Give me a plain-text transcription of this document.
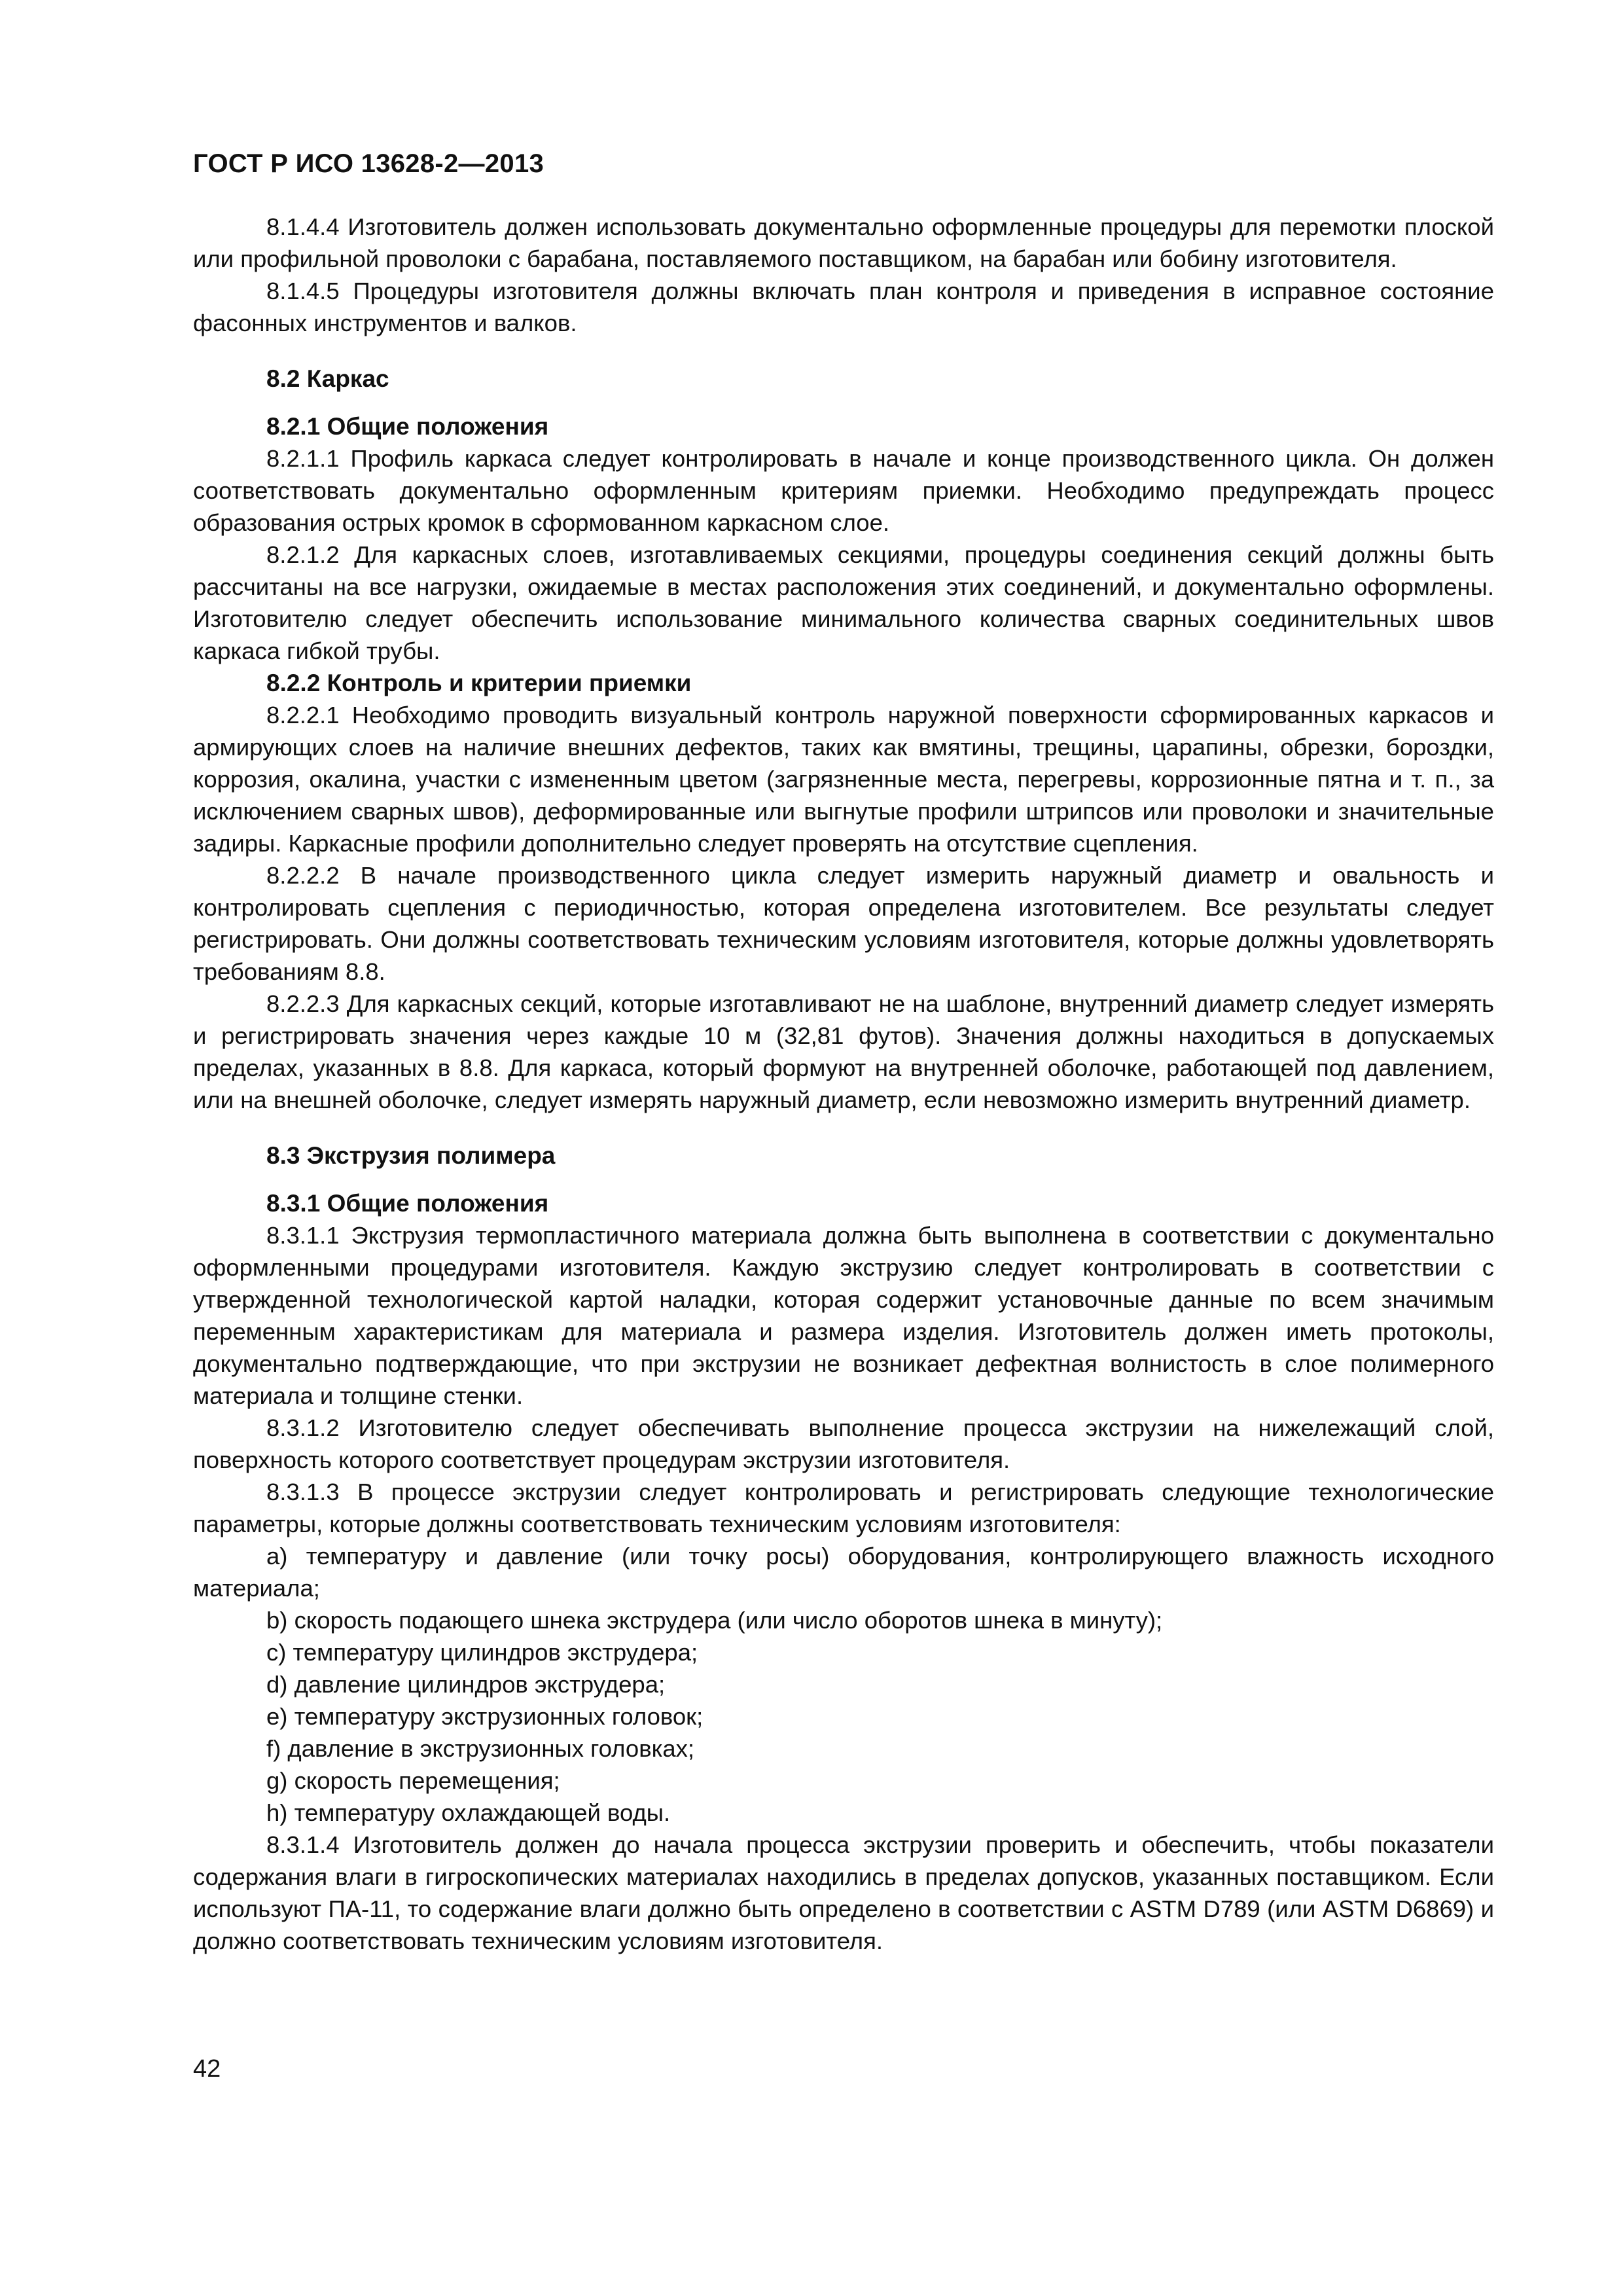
ГОСТ Р ИСО 13628-2—2013

8.1.4.4 Изготовитель должен использовать документально оформленные процедуры для перемотки плоской или профильной проволоки с барабана, поставляемого поставщиком, на барабан или бобину изготовителя.

8.1.4.5 Процедуры изготовителя должны включать план контроля и приведения в исправное состояние фасонных инструментов и валков.

8.2 Каркас
8.2.1 Общие положения

8.2.1.1 Профиль каркаса следует контролировать в начале и конце производственного цикла. Он должен соответствовать документально оформленным критериям приемки. Необходимо предупреждать процесс образования острых кромок в сформованном каркасном слое.

8.2.1.2 Для каркасных слоев, изготавливаемых секциями, процедуры соединения секций должны быть рассчитаны на все нагрузки, ожидаемые в местах расположения этих соединений, и документально оформлены. Изготовителю следует обеспечить использование минимального количества сварных соединительных швов каркаса гибкой трубы.

8.2.2 Контроль и критерии приемки

8.2.2.1 Необходимо проводить визуальный контроль наружной поверхности сформированных каркасов и армирующих слоев на наличие внешних дефектов, таких как вмятины, трещины, царапины, обрезки, бороздки, коррозия, окалина, участки с измененным цветом (загрязненные места, перегревы, коррозионные пятна и т. п., за исключением сварных швов), деформированные или выгнутые профили штрипсов или проволоки и значительные задиры. Каркасные профили дополнительно следует проверять на отсутствие сцепления.

8.2.2.2 В начале производственного цикла следует измерить наружный диаметр и овальность и контролировать сцепления с периодичностью, которая определена изготовителем. Все результаты следует регистрировать. Они должны соответствовать техническим условиям изготовителя, которые должны удовлетворять требованиям 8.8.

8.2.2.3 Для каркасных секций, которые изготавливают не на шаблоне, внутренний диаметр следует измерять и регистрировать значения через каждые 10 м (32,81 футов). Значения должны находиться в допускаемых пределах, указанных в 8.8. Для каркаса, который формуют на внутренней оболочке, работающей под давлением, или на внешней оболочке, следует измерять наружный диаметр, если невозможно измерить внутренний диаметр.

8.3 Экструзия полимера
8.3.1 Общие положения

8.3.1.1 Экструзия термопластичного материала должна быть выполнена в соответствии с документально оформленными процедурами изготовителя. Каждую экструзию следует контролировать в соответствии с утвержденной технологической картой наладки, которая содержит установочные данные по всем значимым переменным характеристикам для материала и размера изделия. Изготовитель должен иметь протоколы, документально подтверждающие, что при экструзии не возникает дефектная волнистость в слое полимерного материала и толщине стенки.

8.3.1.2 Изготовителю следует обеспечивать выполнение процесса экструзии на нижележащий слой, поверхность которого соответствует процедурам экструзии изготовителя.

8.3.1.3 В процессе экструзии следует контролировать и регистрировать следующие технологические параметры, которые должны соответствовать техническим условиям изготовителя:

a) температуру и давление (или точку росы) оборудования, контролирующего влажность исходного материала;
b) скорость подающего шнека экструдера (или число оборотов шнека в минуту);
c) температуру цилиндров экструдера;
d) давление цилиндров экструдера;
e) температуру экструзионных головок;
f) давление в экструзионных головках;
g) скорость перемещения;
h) температуру охлаждающей воды.

8.3.1.4 Изготовитель должен до начала процесса экструзии проверить и обеспечить, чтобы показатели содержания влаги в гигроскопических материалах находились в пределах допусков, указанных поставщиком. Если используют ПА-11, то содержание влаги должно быть определено в соответствии с ASTM D789 (или ASTM D6869) и должно соответствовать техническим условиям изготовителя.

42
